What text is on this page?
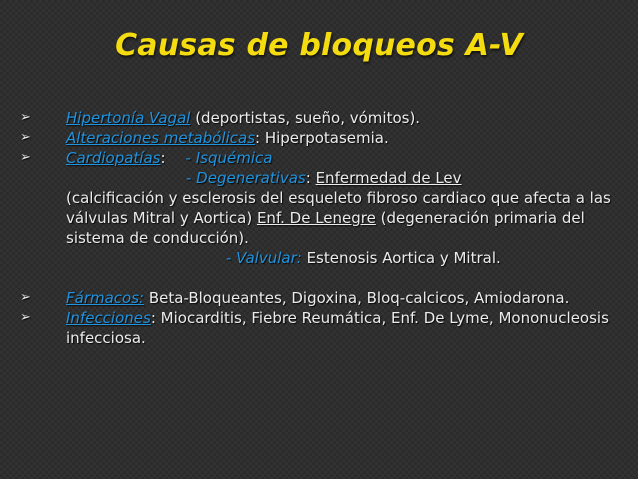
Causas de bloqueos A-V
➢ Hipertonía Vagal (deportistas, sueño, vómitos).
➢ Alteraciones metabólicas: Hiperpotasemia.
➢ Cardiopatías: - Isquémica
- Degenerativas: Enfermedad de Lev
(calcificación y esclerosis del esqueleto fibroso cardiaco que afecta a las válvulas Mitral y Aortica) Enf. De Lenegre (degeneración primaria del sistema de conducción).
- Valvular: Estenosis Aortica y Mitral.
➢ Fármacos: Beta-Bloqueantes, Digoxina, Bloq-calcicos, Amiodarona.
➢ Infecciones: Miocarditis, Fiebre Reumática, Enf. De Lyme, Mononucleosis infecciosa.
